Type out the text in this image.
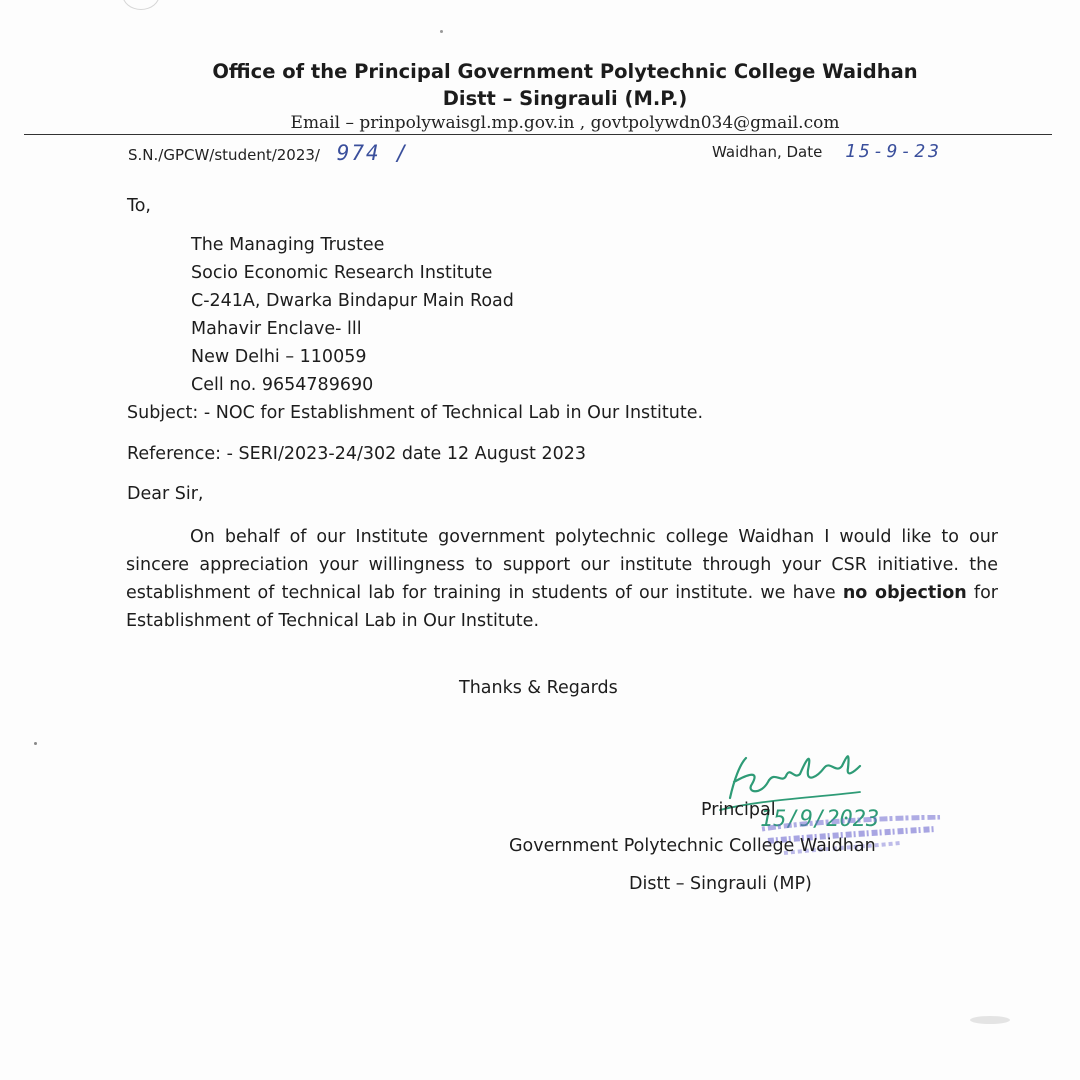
Office of the Principal Government Polytechnic College Waidhan
Distt – Singrauli (M.P.)
Email – prinpolywaisgl.mp.gov.in , govtpolywdn034@gmail.com
S.N./GPCW/student/2023/ 974 /	Waidhan, Date 15-9-23
To,
The Managing Trustee
Socio Economic Research Institute
C-241A, Dwarka Bindapur Main Road
Mahavir Enclave- lll
New Delhi – 110059
Cell no. 9654789690
Subject: - NOC for Establishment of Technical Lab in Our Institute.
Reference: - SERI/2023-24/302 date 12 August 2023
Dear Sir,
On behalf of our Institute government polytechnic college Waidhan I would like to our sincere appreciation your willingness to support our institute through your CSR initiative. the establishment of technical lab for training in students of our institute. we have no objection for Establishment of Technical Lab in Our Institute.
Thanks & Regards
15/9/2023
Principal
Government Polytechnic College Waidhan
Distt – Singrauli (MP)
